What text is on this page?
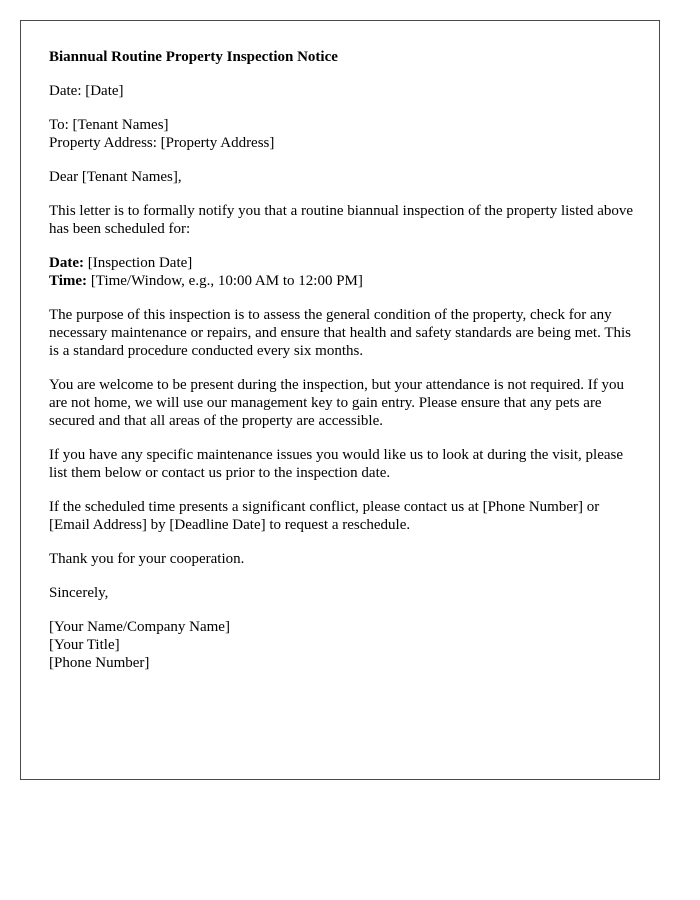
Biannual Routine Property Inspection Notice

Date: [Date]

To: [Tenant Names]
Property Address: [Property Address]

Dear [Tenant Names],

This letter is to formally notify you that a routine biannual inspection of the property listed above has been scheduled for:

Date: [Inspection Date]
Time: [Time/Window, e.g., 10:00 AM to 12:00 PM]

The purpose of this inspection is to assess the general condition of the property, check for any necessary maintenance or repairs, and ensure that health and safety standards are being met. This is a standard procedure conducted every six months.

You are welcome to be present during the inspection, but your attendance is not required. If you are not home, we will use our management key to gain entry. Please ensure that any pets are secured and that all areas of the property are accessible.

If you have any specific maintenance issues you would like us to look at during the visit, please list them below or contact us prior to the inspection date.

If the scheduled time presents a significant conflict, please contact us at [Phone Number] or [Email Address] by [Deadline Date] to request a reschedule.

Thank you for your cooperation.

Sincerely,

[Your Name/Company Name]
[Your Title]
[Phone Number]
